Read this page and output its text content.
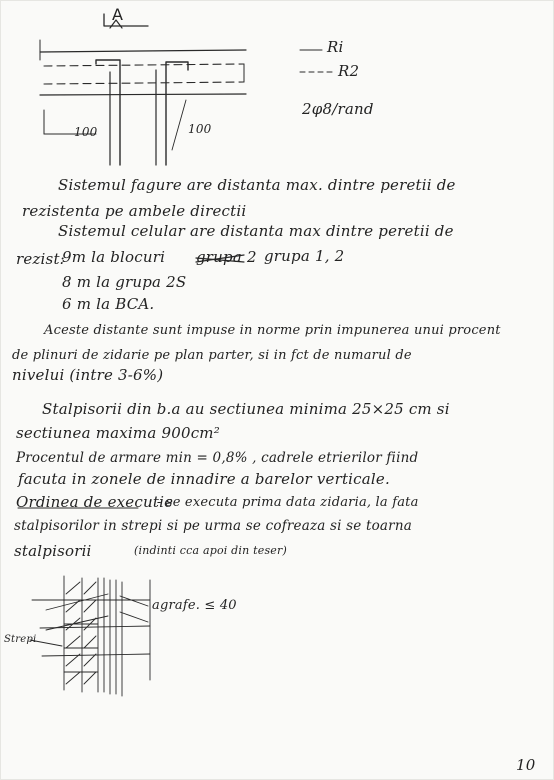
A
Ri
R2
2φ8/rand
100	100
Sistemul fagure are distanta max. dintre peretii de
rezistenta pe ambele directii
Sistemul celular are distanta max dintre peretii de
rezist:
9m la blocuri grupa 2 grupa 1, 2
8 m la grupa 2S
6 m la BCA.
Aceste distante sunt impuse in norme prin impunerea unui procent
de plinuri de zidarie pe plan parter, si in fct de numarul de
nivelui (intre 3-6%)
Stalpisorii din b.a au sectiunea minima 25×25 cm si
sectiunea maxima 900cm²
Procentul de armare min = 0,8% , cadrele etrierilor fiind
facuta in zonele de innadire a barelor verticale.
Ordinea de executie
: - se executa prima data zidaria, la fata
stalpisorilor in strepi si pe urma se cofreaza si se toarna
stalpisorii	(indinti cca apoi din teser)
agrafe. ≤ 40
Strepi
10
